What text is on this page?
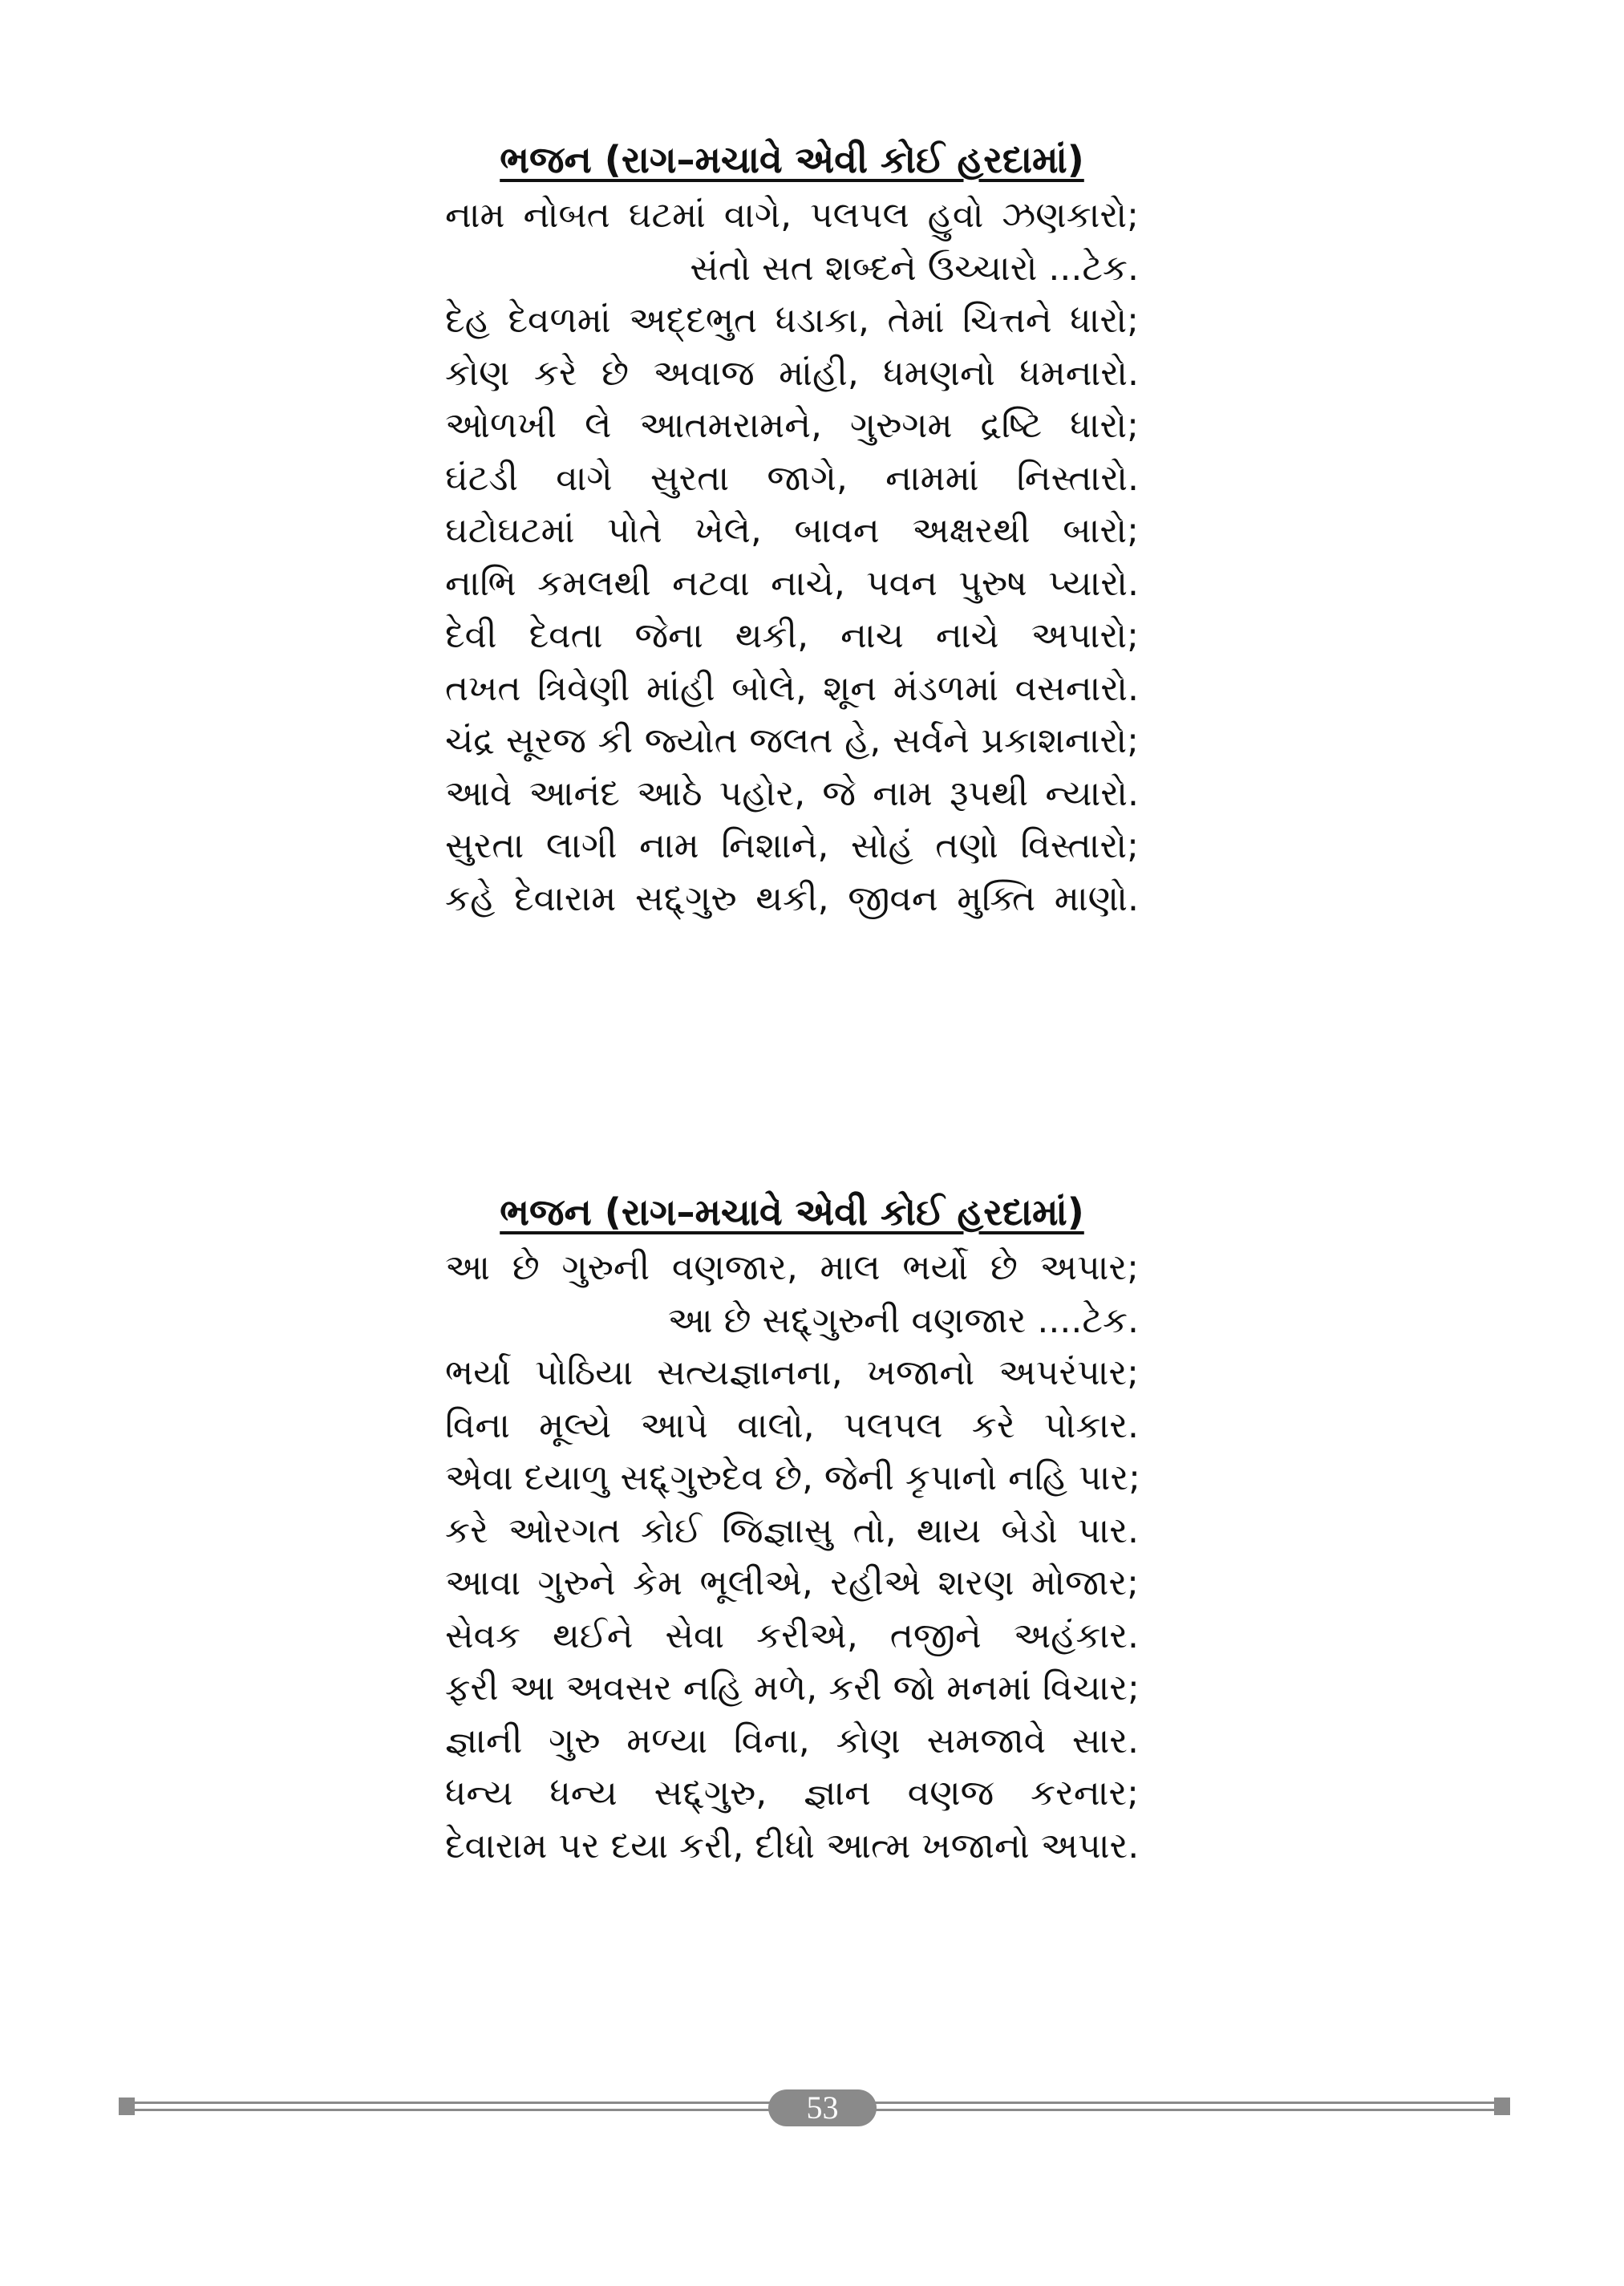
ભજન (રાગ–મચાવે એવી કોઈ હરદામાં)
નામ નોબત ઘટમાં વાગે, પલપલ હુવો ઝણકારો;
સંતો સત શબ્દને ઉચ્ચારો ...ટેક.
દેહ દેવળમાં અદ્દભુત ધડાકા, તેમાં ચિત્તને ધારો;
કોણ કરે છે અવાજ માંહી, ધમણનો ધમનારો.
ઓળખી લે આતમરામને, ગુરુગમ દ્રષ્ટિ ધારો;
ઘંટડી વાગે સુરતા જાગે, નામમાં નિસ્તારો.
ઘટોઘટમાં પોતે ખેલે, બાવન અક્ષરથી બારો;
નાભિ કમલથી નટવા નાચે, પવન પુરુષ પ્યારો.
દેવી દેવતા જેના થકી, નાચ નાચે અપારો;
તખત ત્રિવેણી માંહી બોલે, શૂન મંડળમાં વસનારો.
ચંદ્ર સૂરજ કી જ્યોત જલત હે, સર્વને પ્રકાશનારો;
આવે આનંદ આઠે પહોર, જે નામ રૂપથી ન્યારો.
સુરતા લાગી નામ નિશાને, સોહં તણો વિસ્તારો;
કહે દેવારામ સદ્દ્ગુરુ થકી, જીવન મુક્તિ માણો.
ભજન (રાગ–મચાવે એવી કોઈ હરદામાં)
આ છે ગુરુની વણજાર, માલ ભર્યો છે અપાર;
આ છે સદ્દ્ગુરુની વણજાર ....ટેક.
ભર્યા પોઠિયા સત્યજ્ઞાનના, ખજાનો અપરંપાર;
વિના મૂલ્યે આપે વાલો, પલપલ કરે પોકાર.
એવા દયાળુ સદ્દ્ગુરુદેવ છે, જેની કૃપાનો નહિ પાર;
કરે ઓરગત કોઈ જિજ્ઞાસુ તો, થાય બેડો પાર.
આવા ગુરુને કેમ ભૂલીએ, રહીએ શરણ મોજાર;
સેવક થઈને સેવા કરીએ, તજીને અહંકાર.
ફરી આ અવસર નહિ મળે, કરી જો મનમાં વિચાર;
જ્ઞાની ગુરુ મળ્યા વિના, કોણ સમજાવે સાર.
ધન્ય ધન્ય સદ્દ્ગુરુ, જ્ઞાન વણજ કરનાર;
દેવારામ પર દયા કરી, દીધો આત્મ ખજાનો અપાર.
53
